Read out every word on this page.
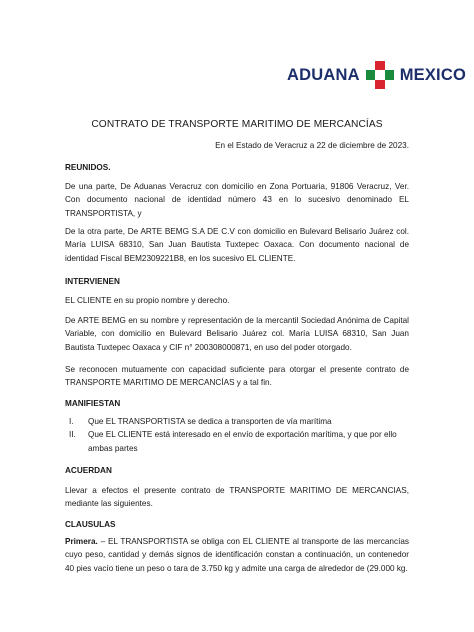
ADUANA MEXICO
CONTRATO DE TRANSPORTE MARITIMO DE MERCANCÍAS

En el Estado de Veracruz a 22 de diciembre de 2023.

REUNIDOS.

De una parte, De Aduanas Veracruz con domicilio en Zona Portuaria, 91806 Veracruz, Ver. Con documento nacional de identidad número 43 en lo sucesivo denominado EL TRANSPORTISTA, y

De la otra parte, De ARTE BEMG S.A DE C.V con domicilio en Bulevard Belisario Juárez col. María LUISA 68310, San Juan Bautista Tuxtepec Oaxaca. Con documento nacional de identidad Fiscal BEM2309221B8, en los sucesivo EL CLIENTE.

INTERVIENEN

EL CLIENTE en su propio nombre y derecho.

De ARTE BEMG en su nombre y representación de la mercantil Sociedad Anónima de Capital Variable, con domicilio en Bulevard Belisario Juárez col. María LUISA 68310, San Juan Bautista Tuxtepec Oaxaca y CIF n° 200308000871, en uso del poder otorgado.

Se reconocen mutuamente con capacidad suficiente para otorgar el presente contrato de TRANSPORTE MARITIMO DE MERCANCÍAS y a tal fin.

MANIFIESTAN

I.	Que EL TRANSPORTISTA se dedica a transporten de vía marítima
II.	Que EL CLIENTE está interesado en el envío de exportación marítima, y que por ello ambas partes

ACUERDAN

Llevar a efectos el presente contrato de TRANSPORTE MARITIMO DE MERCANCIAS, mediante las siguientes.

CLAUSULAS

Primera. – EL TRANSPORTISTA se obliga con EL CLIENTE al transporte de las mercancías cuyo peso, cantidad y demás signos de identificación constan a continuación, un contenedor 40 pies vacío tiene un peso o tara de 3.750 kg y admite una carga de alrededor de (29.000 kg.
